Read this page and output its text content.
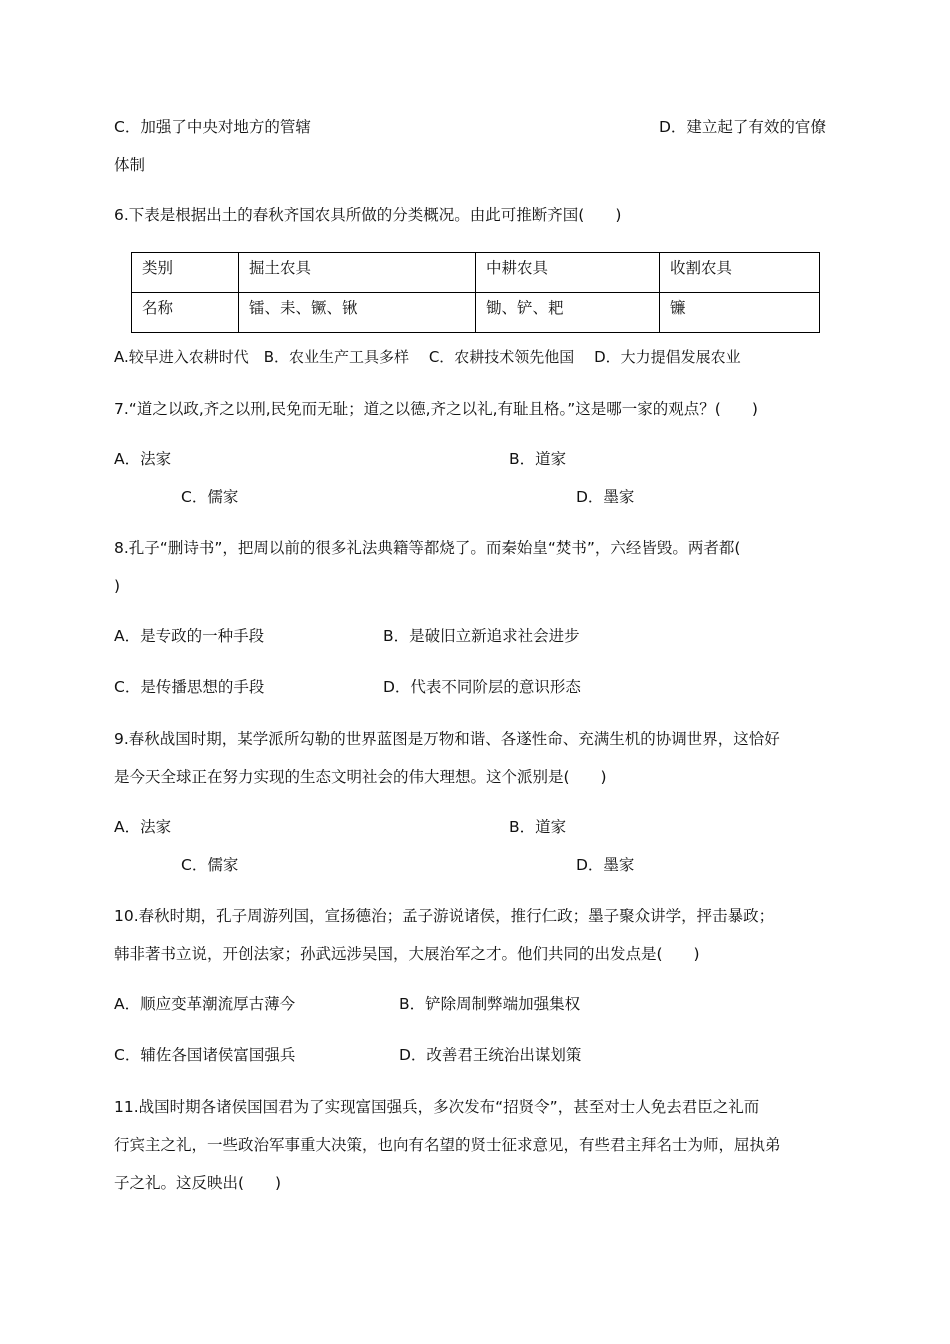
C．加强了中央对地方的管辖	D．建立起了有效的官僚
体制
6.下表是根据出土的春秋齐国农具所做的分类概况。由此可推断齐国(　　)
类别	掘土农具	中耕农具	收割农具
名称	镭、耒、镢、锹	锄、铲、耙	镰
A.较早进入农耕时代　B．农业生产工具多样　 C．农耕技术领先他国　 D．大力提倡发展农业
7.“道之以政,齐之以刑,民免而无耻；道之以德,齐之以礼,有耻且格。”这是哪一家的观点？(　　)
A．法家	B．道家
C．儒家	D．墨家
8.孔子“删诗书”，把周以前的很多礼法典籍等都烧了。而秦始皇“焚书”，六经皆毁。两者都(
)
A．是专政的一种手段	B．是破旧立新追求社会进步
C．是传播思想的手段	D．代表不同阶层的意识形态
9.春秋战国时期，某学派所勾勒的世界蓝图是万物和谐、各遂性命、充满生机的协调世界，这恰好
是今天全球正在努力实现的生态文明社会的伟大理想。这个派别是(　　)
A．法家	B．道家
C．儒家	D．墨家
10.春秋时期，孔子周游列国，宣扬德治；孟子游说诸侯，推行仁政；墨子聚众讲学，抨击暴政；
韩非著书立说，开创法家；孙武远涉吴国，大展治军之才。他们共同的出发点是(　　)
A．顺应变革潮流厚古薄今	B．铲除周制弊端加强集权
C．辅佐各国诸侯富国强兵	D．改善君王统治出谋划策
11.战国时期各诸侯国国君为了实现富国强兵，多次发布“招贤令”，甚至对士人免去君臣之礼而
行宾主之礼，一些政治军事重大决策，也向有名望的贤士征求意见，有些君主拜名士为师，屈执弟
子之礼。这反映出(　　)
